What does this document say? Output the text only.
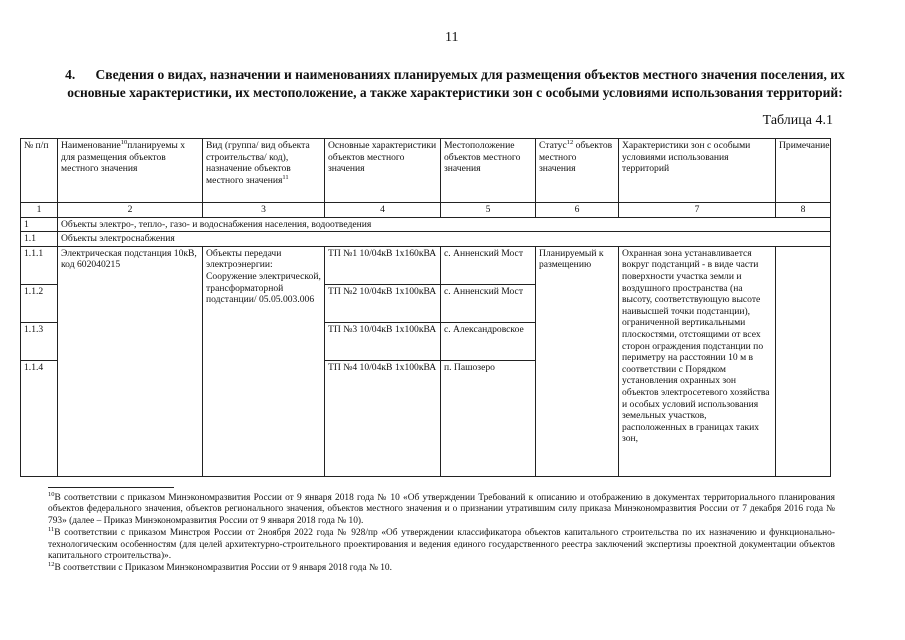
11
4. Сведения о видах, назначении и наименованиях планируемых для размещения объектов местного значения поселения, их основные характеристики, их местоположение, а также характеристики зон с особыми условиями использования территорий:
Таблица 4.1
№ п/п	Наименование$^{10}$планируемы х для размещения объектов местного значения	Вид (группа/ вид объекта строительства/ код), назначение объектов местного значения$^{11}$	Основные характеристики объектов местного значения	Местоположение объектов местного значения	Статус$^{12}$ объектов местного значения	Характеристики зон с особыми условиями использования территорий	Примечание
1	2	3	4	5	6	7	8
1	Объекты электро-, тепло-, газо- и водоснабжения населения, водоотведения						
1.1	Объекты электроснабжения						
1.1.1	Электрическая подстанция 10кВ, код 602040215	Объекты передачи электроэнергии: Сооружение электрической, трансформаторной подстанции/ 05.05.003.006	ТП №1 10/04кВ 1х160кВА	с. Анненский Мост	Планируемый к размещению	Охранная зона устанавливается вокруг подстанций - в виде части поверхности участка земли и воздушного пространства (на высоту, соответствующую высоте наивысшей точки подстанции), ограниченной вертикальными плоскостями, отстоящими от всех сторон ограждения подстанции по периметру на расстоянии 10 м в соответствии с Порядком установления охранных зон объектов электросетевого хозяйства и особых условий использования земельных участков, расположенных в границах таких зон,	
1.1.2			ТП №2 10/04кВ 1х100кВА	с. Анненский Мост			
1.1.3			ТП №3 10/04кВ 1х100кВА	с. Александровское			
1.1.4			ТП №4 10/04кВ 1х100кВА	п. Пашозеро			
$^{10}$В соответствии с приказом Минэкономразвития России от 9 января 2018 года № 10 «Об утверждении Требований к описанию и отображению в документах территориального планирования объектов федерального значения, объектов регионального значения, объектов местного значения и о признании утратившим силу приказа Минэкономразвития России от 7 декабря 2016 года № 793» (далее – Приказ Минэкономразвития России от 9 января 2018 года № 10).
$^{11}$В соответствии с приказом Минстроя России от 2ноября 2022 года № 928/пр «Об утверждении классификатора объектов капитального строительства по их назначению и функционально-технологическим особенностям (для целей архитектурно-строительного проектирования и ведения единого государственного реестра заключений экспертизы проектной документации объектов капитального строительства)».
$^{12}$В соответствии с Приказом Минэкономразвития России от 9 января 2018 года № 10.
